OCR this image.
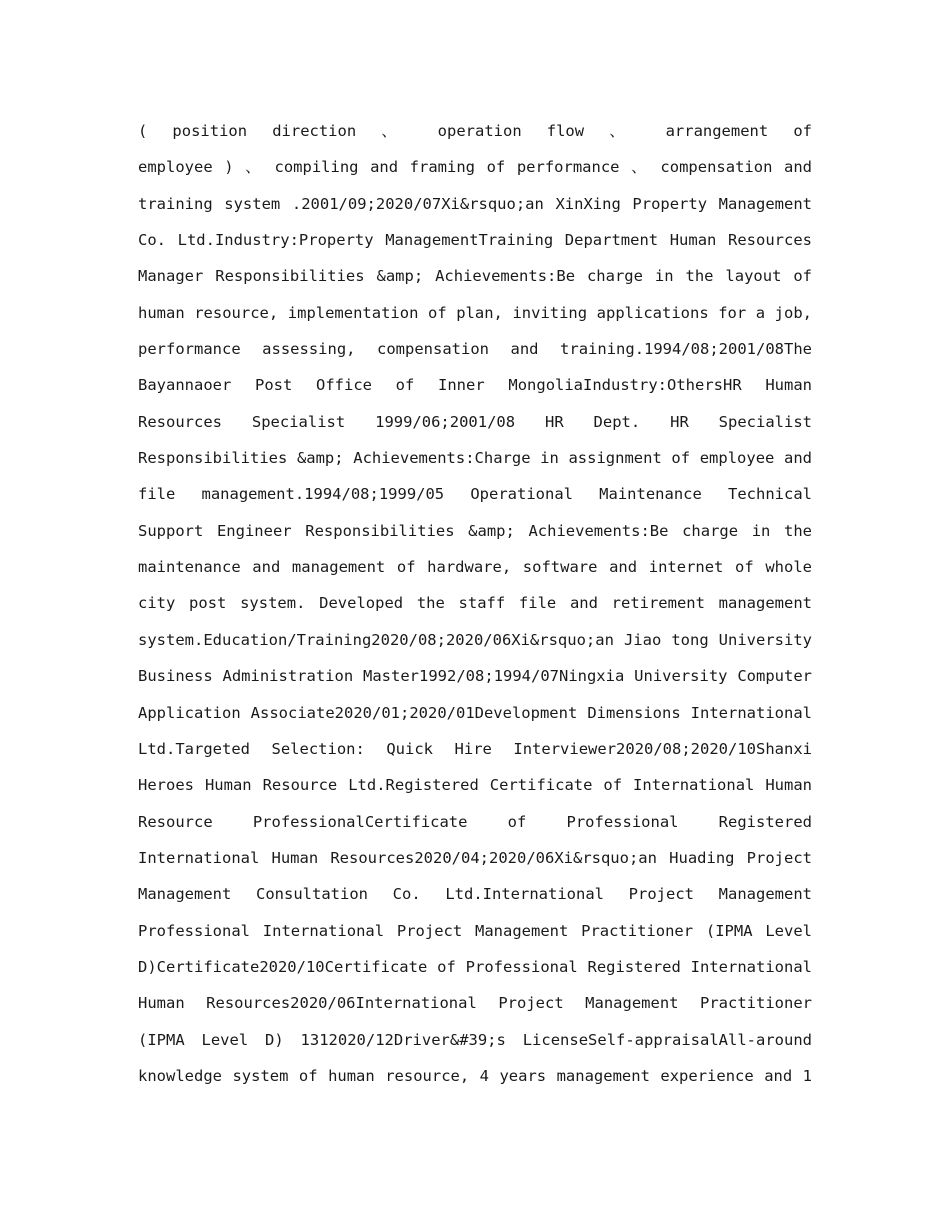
( position direction 、 operation flow 、 arrangement of
employee ) 、 compiling and framing of performance 、 compensation and
training system .2001/09;2020/07Xi&rsquo;an XinXing Property Management
Co. Ltd.Industry:Property ManagementTraining Department Human Resources
Manager Responsibilities &amp; Achievements:Be charge in the layout of
human resource, implementation of plan, inviting applications for a job,
performance assessing, compensation and training.1994/08;2001/08The
Bayannaoer Post Office of Inner MongoliaIndustry:OthersHR Human
Resources Specialist 1999/06;2001/08 HR Dept. HR Specialist
Responsibilities &amp; Achievements:Charge in assignment of employee and
file management.1994/08;1999/05 Operational Maintenance Technical
Support Engineer Responsibilities &amp; Achievements:Be charge in the
maintenance and management of hardware, software and internet of whole
city post system. Developed the staff file and retirement management
system.Education/Training2020/08;2020/06Xi&rsquo;an Jiao tong University
Business Administration Master1992/08;1994/07Ningxia University Computer
Application Associate2020/01;2020/01Development Dimensions International
Ltd.Targeted Selection: Quick Hire Interviewer2020/08;2020/10Shanxi
Heroes Human Resource Ltd.Registered Certificate of International Human
Resource ProfessionalCertificate of Professional Registered
International Human Resources2020/04;2020/06Xi&rsquo;an Huading Project
Management Consultation Co. Ltd.International Project Management
Professional International Project Management Practitioner (IPMA Level
D)Certificate2020/10Certificate of Professional Registered International
Human Resources2020/06International Project Management Practitioner
(IPMA Level D) 1312020/12Driver&#39;s LicenseSelf-appraisalAll-around
knowledge system of human resource, 4 years management experience and 1
